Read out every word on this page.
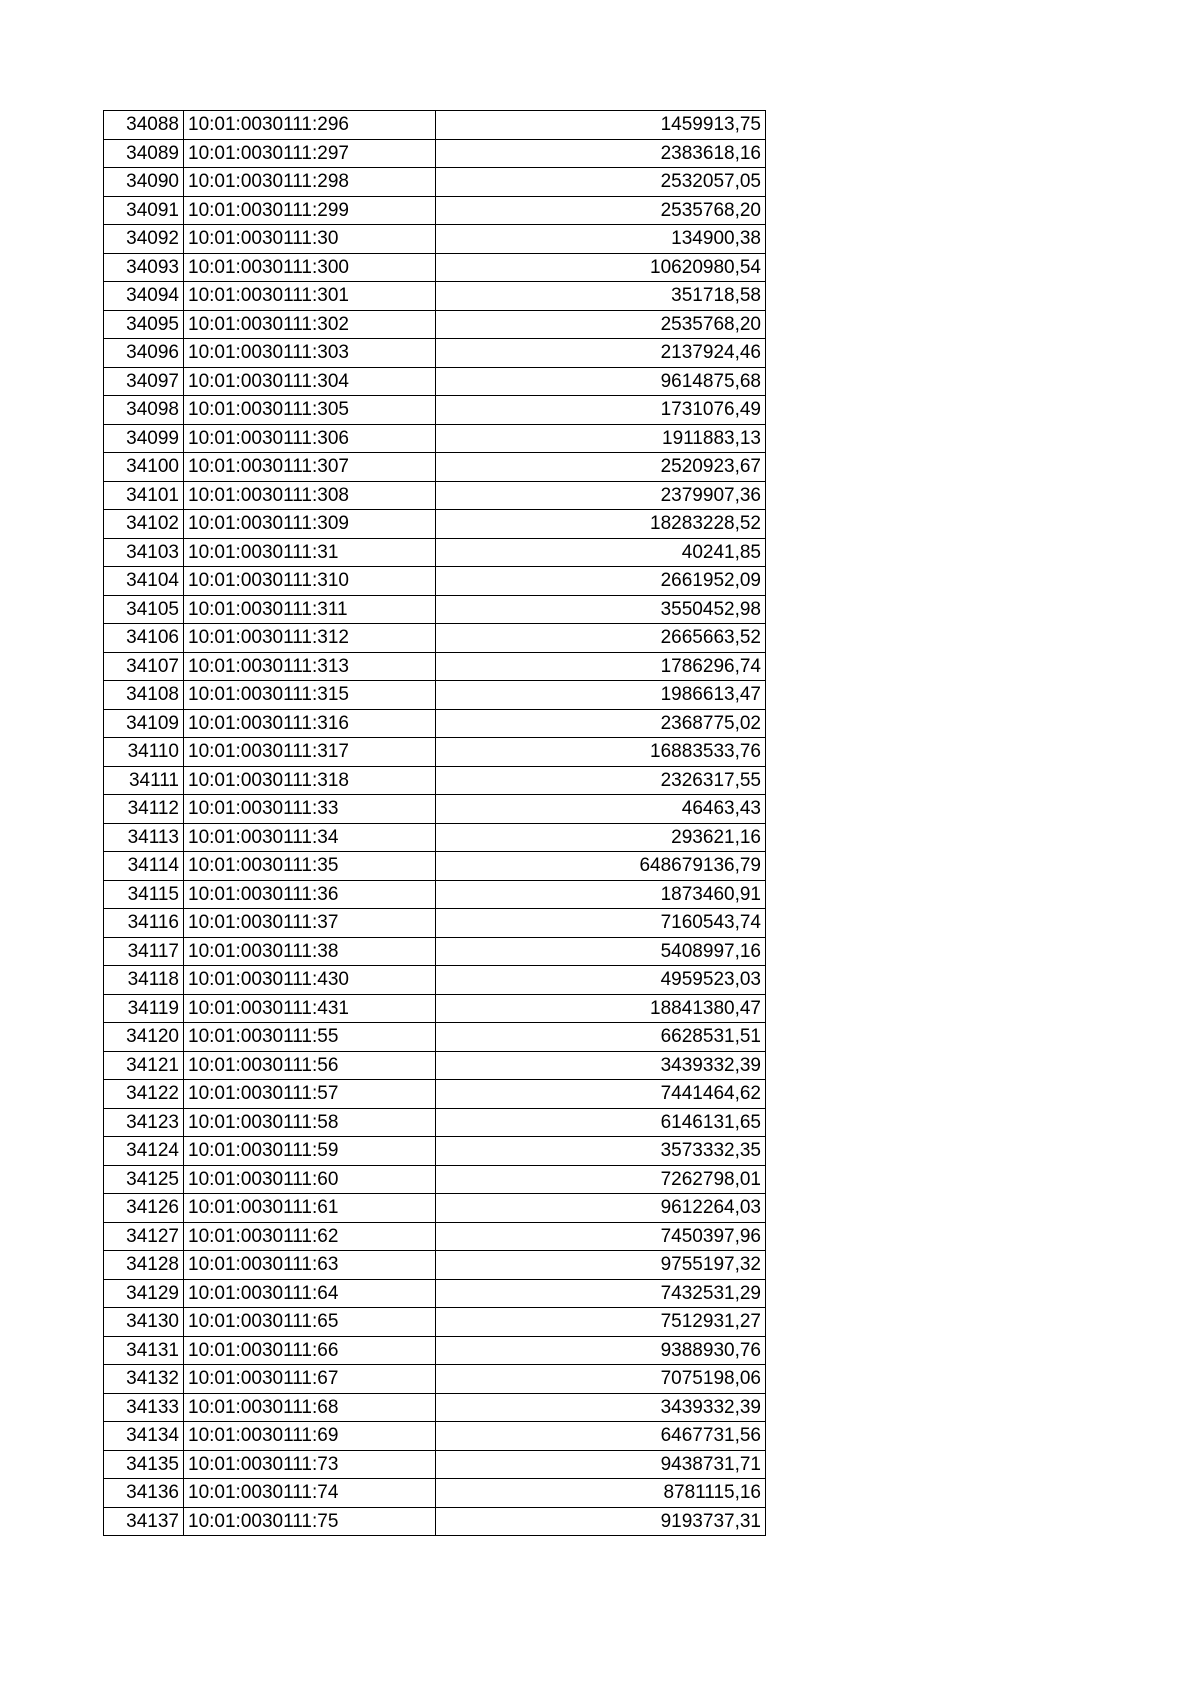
34088	10:01:0030111:296	1459913,75
34089	10:01:0030111:297	2383618,16
34090	10:01:0030111:298	2532057,05
34091	10:01:0030111:299	2535768,20
34092	10:01:0030111:30	134900,38
34093	10:01:0030111:300	10620980,54
34094	10:01:0030111:301	351718,58
34095	10:01:0030111:302	2535768,20
34096	10:01:0030111:303	2137924,46
34097	10:01:0030111:304	9614875,68
34098	10:01:0030111:305	1731076,49
34099	10:01:0030111:306	1911883,13
34100	10:01:0030111:307	2520923,67
34101	10:01:0030111:308	2379907,36
34102	10:01:0030111:309	18283228,52
34103	10:01:0030111:31	40241,85
34104	10:01:0030111:310	2661952,09
34105	10:01:0030111:311	3550452,98
34106	10:01:0030111:312	2665663,52
34107	10:01:0030111:313	1786296,74
34108	10:01:0030111:315	1986613,47
34109	10:01:0030111:316	2368775,02
34110	10:01:0030111:317	16883533,76
34111	10:01:0030111:318	2326317,55
34112	10:01:0030111:33	46463,43
34113	10:01:0030111:34	293621,16
34114	10:01:0030111:35	648679136,79
34115	10:01:0030111:36	1873460,91
34116	10:01:0030111:37	7160543,74
34117	10:01:0030111:38	5408997,16
34118	10:01:0030111:430	4959523,03
34119	10:01:0030111:431	18841380,47
34120	10:01:0030111:55	6628531,51
34121	10:01:0030111:56	3439332,39
34122	10:01:0030111:57	7441464,62
34123	10:01:0030111:58	6146131,65
34124	10:01:0030111:59	3573332,35
34125	10:01:0030111:60	7262798,01
34126	10:01:0030111:61	9612264,03
34127	10:01:0030111:62	7450397,96
34128	10:01:0030111:63	9755197,32
34129	10:01:0030111:64	7432531,29
34130	10:01:0030111:65	7512931,27
34131	10:01:0030111:66	9388930,76
34132	10:01:0030111:67	7075198,06
34133	10:01:0030111:68	3439332,39
34134	10:01:0030111:69	6467731,56
34135	10:01:0030111:73	9438731,71
34136	10:01:0030111:74	8781115,16
34137	10:01:0030111:75	9193737,31
